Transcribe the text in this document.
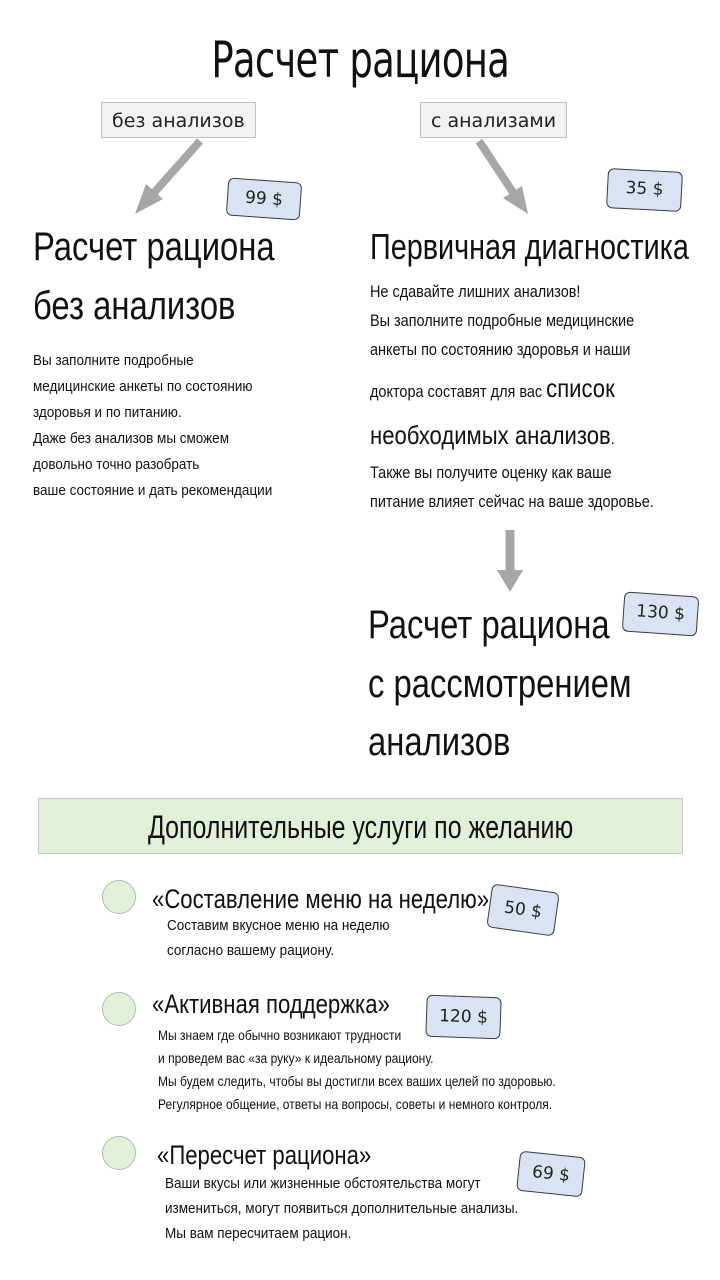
Расчет рациона
без анализов	с анализами
99 $
Расчет рациона
без анализов
Вы заполните подробные
медицинские анкеты по состоянию
здоровья и по питанию.
Даже без анализов мы сможем
довольно точно разобрать
ваше состояние и дать рекомендации
35 $
Первичная диагностика
Не сдавайте лишних анализов!
Вы заполните подробные медицинские
анкеты по состоянию здоровья и наши
доктора составят для вас список
необходимых анализов.
Также вы получите оценку как ваше
питание влияет сейчас на ваше здоровье.
130 $
Расчет рациона
с рассмотрением
анализов
Дополнительные услуги по желанию
«Составление меню на неделю» 50 $
Составим вкусное меню на неделю
согласно вашему рациону.
«Активная поддержка»	120 $
Мы знаем где обычно возникают трудности
и проведем вас «за руку» к идеальному рациону.
Мы будем следить, чтобы вы достигли всех ваших целей по здоровью.
Регулярное общение, ответы на вопросы, советы и немного контроля.
«Пересчет рациона»
69 $
Ваши вкусы или жизненные обстоятельства могут
измениться, могут появиться дополнительные анализы.
Мы вам пересчитаем рацион.
